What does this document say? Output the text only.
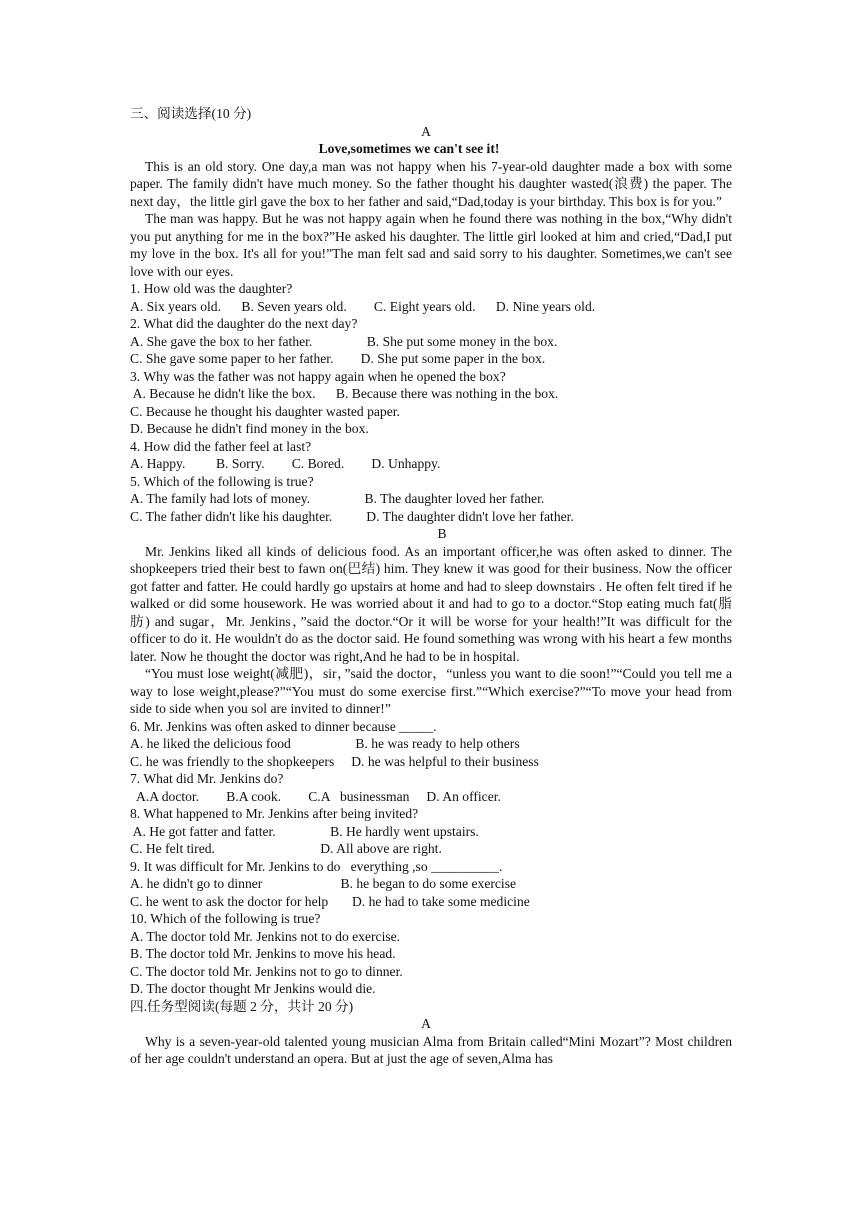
三、阅读选择(10 分)
A
Love,sometimes we can't see it!
This is an old story. One day,a man was not happy when his 7-year-old daughter made a box with some paper. The family didn't have much money. So the father thought his daughter wasted(浪费) the paper. The next day，the little girl gave the box to her father and said,“Dad,today is your birthday. This box is for you.”
The man was happy. But he was not happy again when he found there was nothing in the box,“Why didn't you put anything for me in the box?”He asked his daughter. The little girl looked at him and cried,“Dad,I put my love in the box. It's all for you!”The man felt sad and said sorry to his daughter. Sometimes,we can't see love with our eyes.
1. How old was the daughter?
A. Six years old.      B. Seven years old.        C. Eight years old.      D. Nine years old.
2. What did the daughter do the next day?
A. She gave the box to her father.                B. She put some money in the box.
C. She gave some paper to her father.        D. She put some paper in the box.
3. Why was the father was not happy again when he opened the box?
A. Because he didn't like the box.      B. Because there was nothing in the box.
C. Because he thought his daughter wasted paper.
D. Because he didn't find money in the box.
4. How did the father feel at last?
A. Happy.         B. Sorry.        C. Bored.        D. Unhappy.
5. Which of the following is true?
A. The family had lots of money.                B. The daughter loved her father.
C. The father didn't like his daughter.          D. The daughter didn't love her father.
B
Mr. Jenkins liked all kinds of delicious food. As an important officer,he was often asked to dinner. The shopkeepers tried their best to fawn on(巴结) him. They knew it was good for their business. Now the officer got fatter and fatter. He could hardly go upstairs at home and had to sleep downstairs . He often felt tired if he walked or did some housework. He was worried about it and had to go to a doctor.“Stop eating much fat(脂肪) and sugar，Mr. Jenkins，”said the doctor.“Or it will be worse for your health!”It was difficult for the officer to do it. He wouldn't do as the doctor said. He found something was wrong with his heart a few months later. Now he thought the doctor was right,And he had to be in hospital.
“You must lose weight(减肥)，sir，”said the doctor，“unless you want to die soon!”“Could you tell me a way to lose weight,please?”“You must do some exercise first.”“Which exercise?”“To move your head from side to side when you sol are invited to dinner!”
6. Mr. Jenkins was often asked to dinner because _____.
A. he liked the delicious food                   B. he was ready to help others
C. he was friendly to the shopkeepers     D. he was helpful to their business
7. What did Mr. Jenkins do?
A.A doctor.        B.A cook.        C.A   businessman     D. An officer.
8. What happened to Mr. Jenkins after being invited?
A. He got fatter and fatter.                B. He hardly went upstairs.
C. He felt tired.                               D. All above are right.
9. It was difficult for Mr. Jenkins to do   everything ,so __________.
A. he didn't go to dinner                       B. he began to do some exercise
C. he went to ask the doctor for help       D. he had to take some medicine
10. Which of the following is true?
A. The doctor told Mr. Jenkins not to do exercise.
B. The doctor told Mr. Jenkins to move his head.
C. The doctor told Mr. Jenkins not to go to dinner.
D. The doctor thought Mr Jenkins would die.
四.任务型阅读(每题 2 分，共计 20 分)
A
Why is a seven-year-old talented young musician Alma from Britain called“Mini Mozart”? Most children of her age couldn't understand an opera. But at just the age of seven,Alma has
